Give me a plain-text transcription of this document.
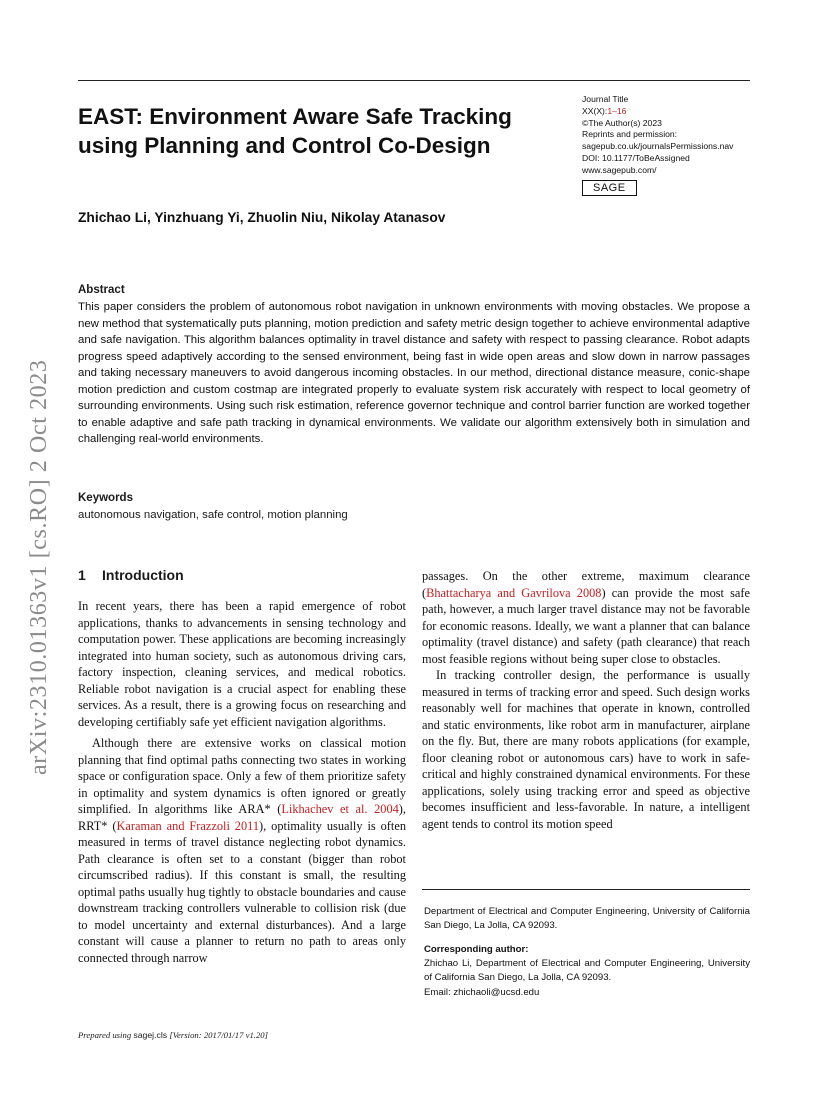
EAST: Environment Aware Safe Tracking using Planning and Control Co-Design
Journal Title
XX(X):1–16
©The Author(s) 2023
Reprints and permission:
sagepub.co.uk/journalsPermissions.nav
DOI: 10.1177/ToBeAssigned
www.sagepub.com/
SAGE
Zhichao Li, Yinzhuang Yi, Zhuolin Niu, Nikolay Atanasov
arXiv:2310.01363v1 [cs.RO] 2 Oct 2023
Abstract
This paper considers the problem of autonomous robot navigation in unknown environments with moving obstacles. We propose a new method that systematically puts planning, motion prediction and safety metric design together to achieve environmental adaptive and safe navigation. This algorithm balances optimality in travel distance and safety with respect to passing clearance. Robot adapts progress speed adaptively according to the sensed environment, being fast in wide open areas and slow down in narrow passages and taking necessary maneuvers to avoid dangerous incoming obstacles. In our method, directional distance measure, conic-shape motion prediction and custom costmap are integrated properly to evaluate system risk accurately with respect to local geometry of surrounding environments. Using such risk estimation, reference governor technique and control barrier function are worked together to enable adaptive and safe path tracking in dynamical environments. We validate our algorithm extensively both in simulation and challenging real-world environments.
Keywords
autonomous navigation, safe control, motion planning
1 Introduction

In recent years, there has been a rapid emergence of robot applications, thanks to advancements in sensing technology and computation power. These applications are becoming increasingly integrated into human society, such as autonomous driving cars, factory inspection, cleaning services, and medical robotics. Reliable robot navigation is a crucial aspect for enabling these services. As a result, there is a growing focus on researching and developing certifiably safe yet efficient navigation algorithms.

Although there are extensive works on classical motion planning that find optimal paths connecting two states in working space or configuration space. Only a few of them prioritize safety in optimality and system dynamics is often ignored or greatly simplified. In algorithms like ARA* (Likhachev et al. 2004), RRT* (Karaman and Frazzoli 2011), optimality usually is often measured in terms of travel distance neglecting robot dynamics. Path clearance is often set to a constant (bigger than robot circumscribed radius). If this constant is small, the resulting optimal paths usually hug tightly to obstacle boundaries and cause downstream tracking controllers vulnerable to collision risk (due to model uncertainty and external disturbances). And a large constant will cause a planner to return no path to areas only connected through narrow

passages. On the other extreme, maximum clearance (Bhattacharya and Gavrilova 2008) can provide the most safe path, however, a much larger travel distance may not be favorable for economic reasons. Ideally, we want a planner that can balance optimality (travel distance) and safety (path clearance) that reach most feasible regions without being super close to obstacles.

In tracking controller design, the performance is usually measured in terms of tracking error and speed. Such design works reasonably well for machines that operate in known, controlled and static environments, like robot arm in manufacturer, airplane on the fly. But, there are many robots applications (for example, floor cleaning robot or autonomous cars) have to work in safe-critical and highly constrained dynamical environments. For these applications, solely using tracking error and speed as objective becomes insufficient and less-favorable. In nature, a intelligent agent tends to control its motion speed

Department of Electrical and Computer Engineering, University of California San Diego, La Jolla, CA 92093.
Corresponding author:
Zhichao Li, Department of Electrical and Computer Engineering, University of California San Diego, La Jolla, CA 92093.
Email: zhichaoli@ucsd.edu
Prepared using sagej.cls [Version: 2017/01/17 v1.20]
